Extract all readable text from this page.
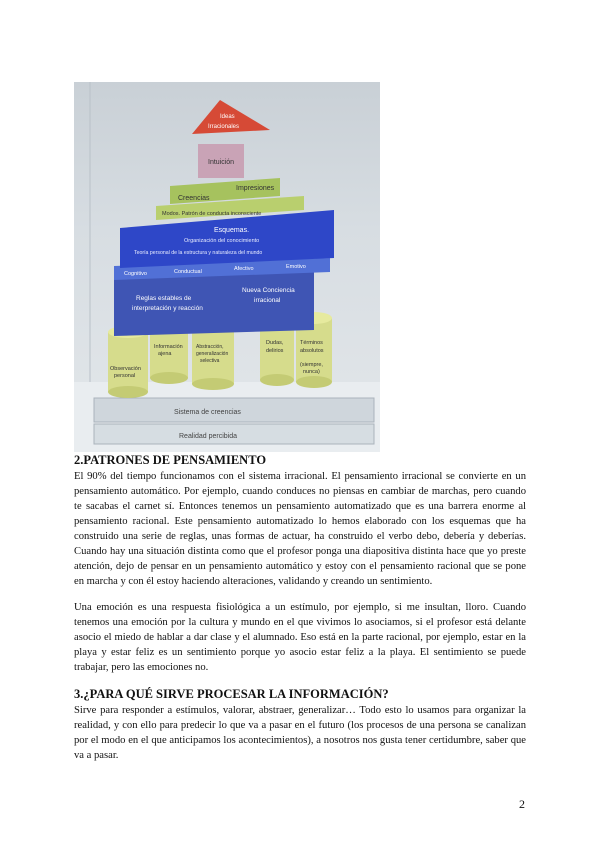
Sistema de creencias
Realidad percibida
Observación
personal
Información
ajena
Abstracción,
generalización
selectiva
Dudas,
delirios
Términos
absolutos
(siempre,
nunca)
Reglas estables de
interpretación y reacción
Nueva Conciencia
irracional
Cognitivo	Conductual	Afectivo	Emotivo
Esquemas.
Organización del conocimiento
Teoría personal de la estructura y naturaleza del mundo
Modos. Patrón de conducta inconsciente
Creencias
Impresiones
Intuición
Ideas
Irracionales
2.PATRONES DE PENSAMIENTO

El 90% del tiempo funcionamos con el sistema irracional. El pensamiento irracional se convierte en un pensamiento automático. Por ejemplo, cuando conduces no piensas en cambiar de marchas, pero cuando te sacabas el carnet sí. Entonces tenemos un pensamiento automatizado que es una barrera enorme al pensamiento racional. Este pensamiento automatizado lo hemos elaborado con los esquemas que ha construido una serie de reglas, unas formas de actuar, ha construido el verbo debo, debería y deberías. Cuando hay una situación distinta como que el profesor ponga una diapositiva distinta hace que yo preste atención, dejo de pensar en un pensamiento automático y estoy con el pensamiento racional que se pone en marcha y con él estoy haciendo alteraciones, validando y creando un sentimiento.

Una emoción es una respuesta fisiológica a un estímulo, por ejemplo, si me insultan, lloro. Cuando tenemos una emoción por la cultura y mundo en el que vivimos lo asociamos, si el profesor está delante asocio el miedo de hablar a dar clase y el alumnado. Eso está en la parte racional, por ejemplo, estar en la playa y estar feliz es un sentimiento porque yo asocio estar feliz a la playa. El sentimiento se puede trabajar, pero las emociones no.

3.¿PARA QUÉ SIRVE PROCESAR LA INFORMACIÓN?

Sirve para responder a estímulos, valorar, abstraer, generalizar… Todo esto lo usamos para organizar la realidad, y con ello para predecir lo que va a pasar en el futuro (los procesos de una persona se canalizan por el modo en el que anticipamos los acontecimientos), a nosotros nos gusta tener certidumbre, saber que va a pasar.

2
